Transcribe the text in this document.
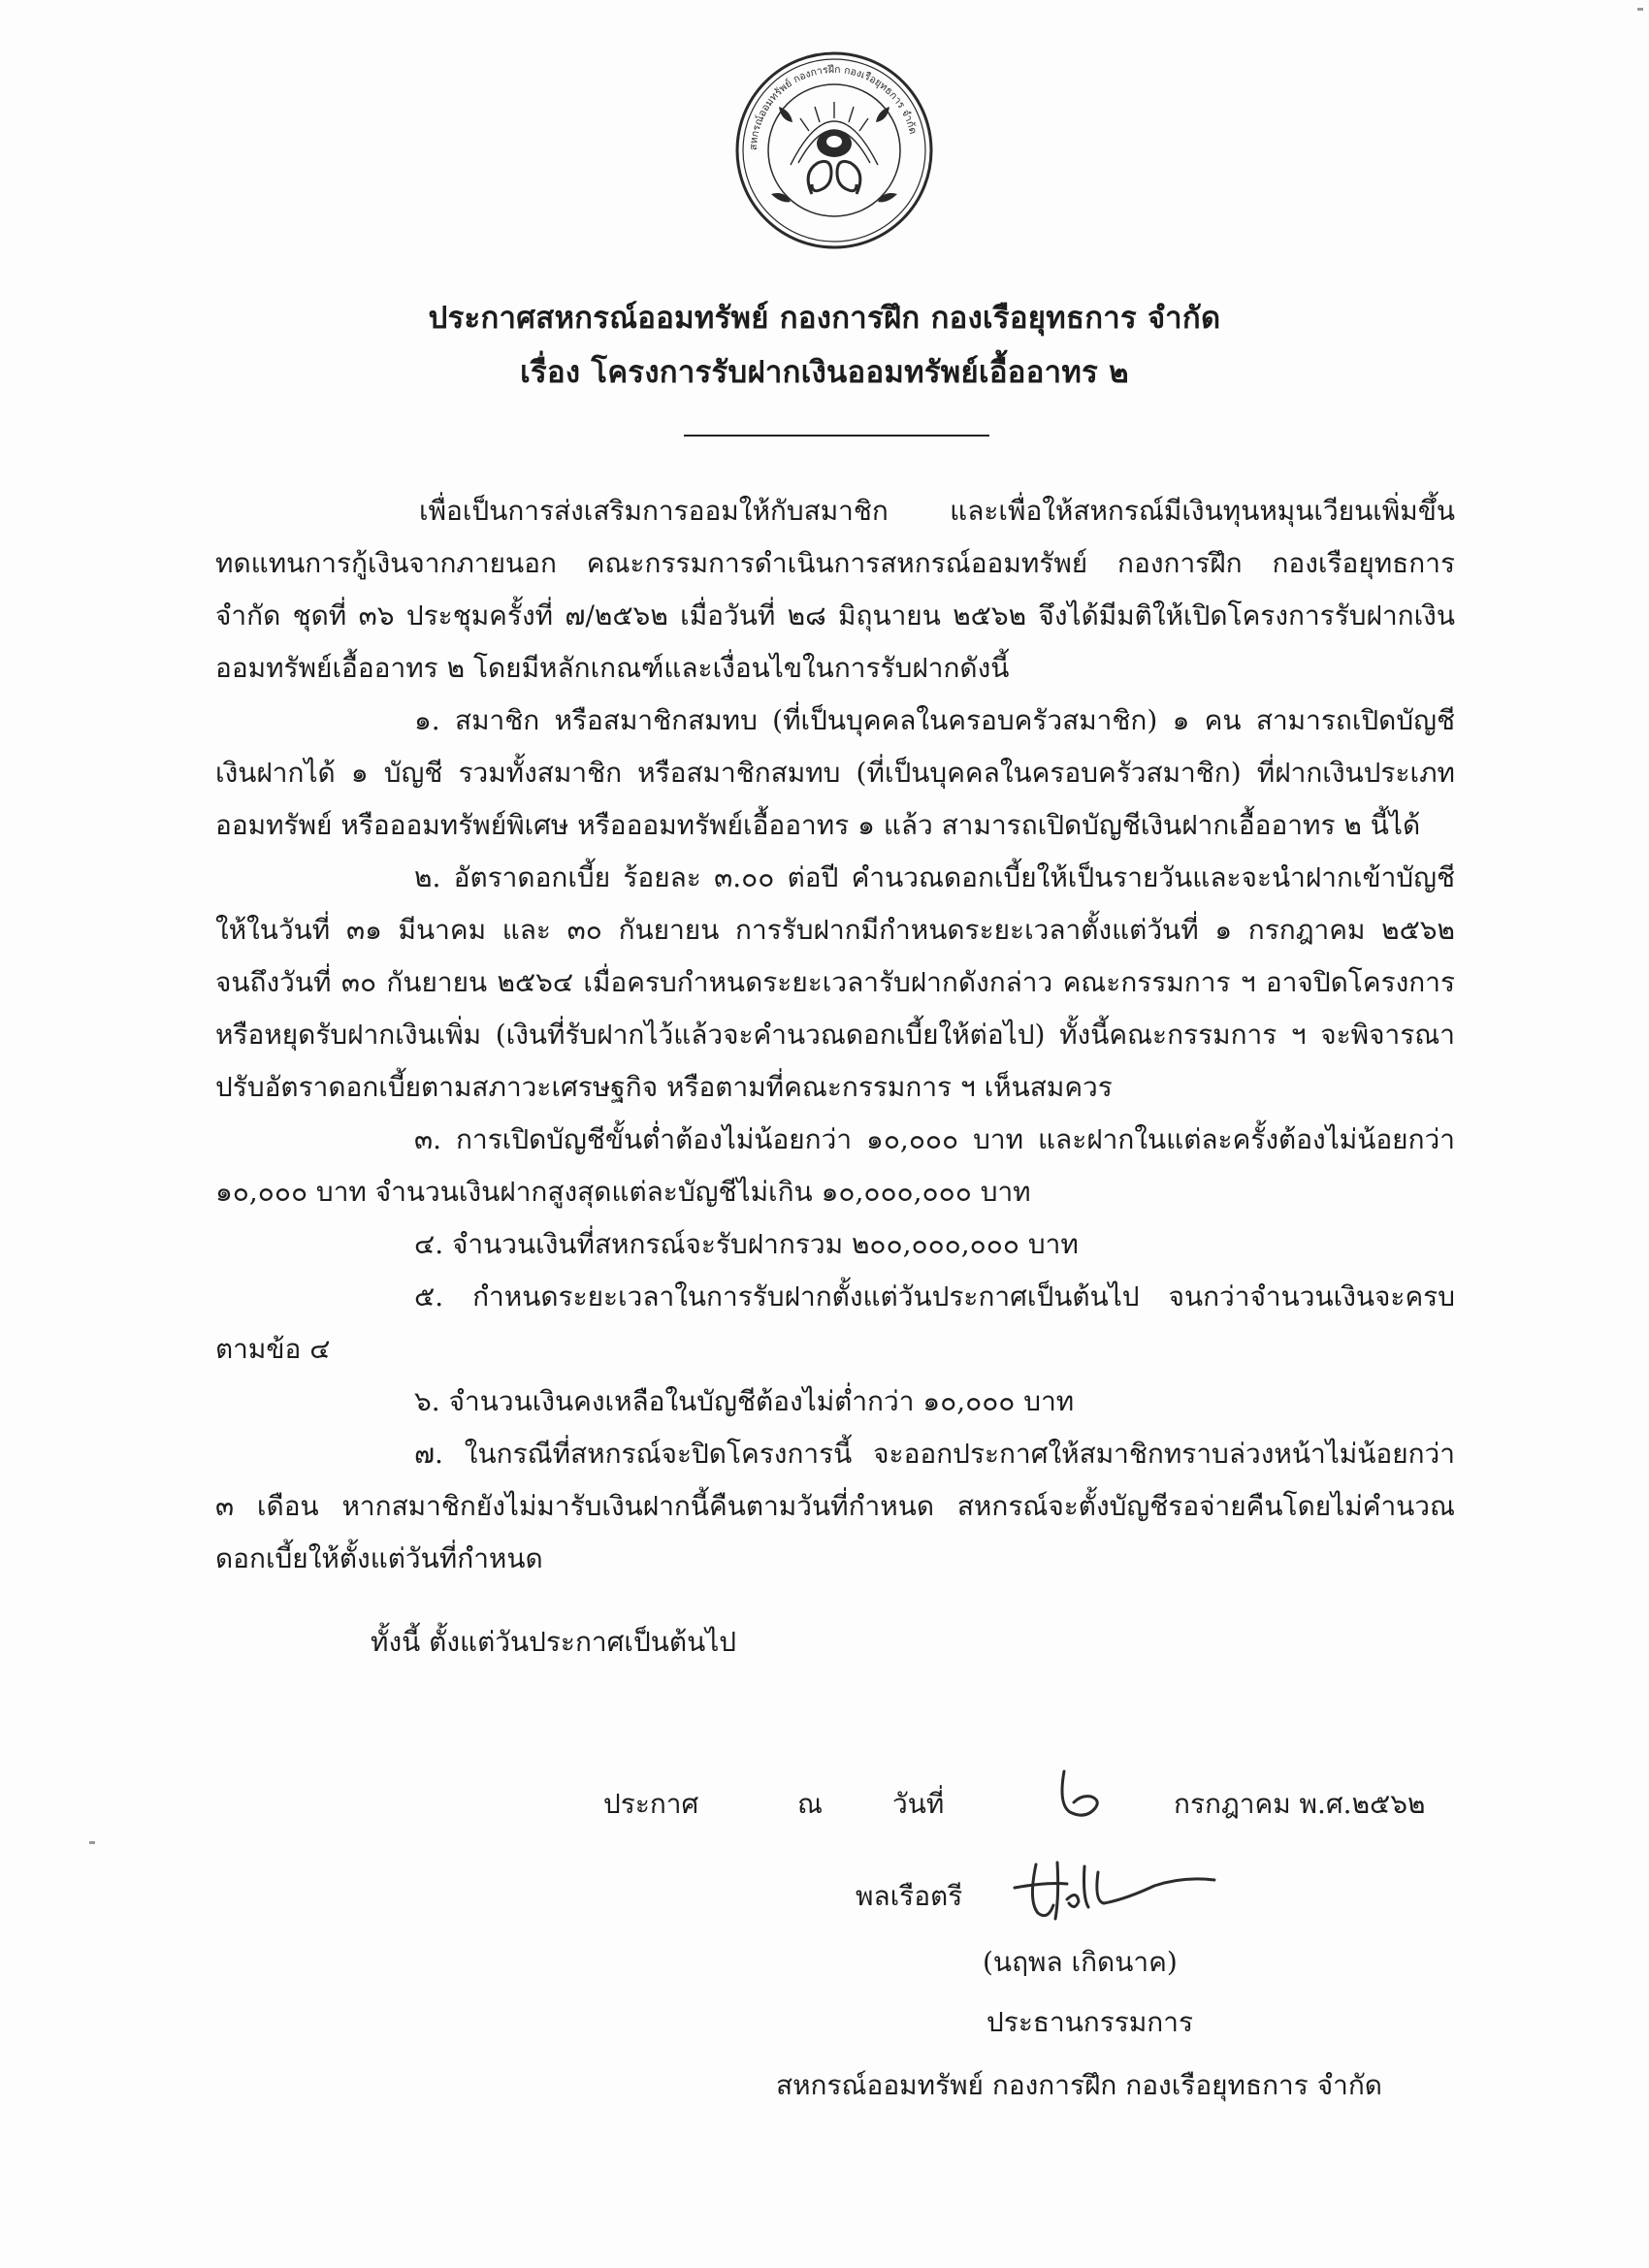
สหกรณ์ออมทรัพย์ กองการฝึก กองเรือยุทธการ จำกัด
ประกาศสหกรณ์ออมทรัพย์ กองการฝึก กองเรือยุทธการ จำกัด
เรื่อง โครงการรับฝากเงินออมทรัพย์เอื้ออาทร ๒

เพื่อเป็นการส่งเสริมการออมให้กับสมาชิก และเพื่อให้สหกรณ์มีเงินทุนหมุนเวียนเพิ่มขึ้น ทดแทนการกู้เงินจากภายนอก คณะกรรมการดำเนินการสหกรณ์ออมทรัพย์ กองการฝึก กองเรือยุทธการ จำกัด ชุดที่ ๓๖ ประชุมครั้งที่ ๗/๒๕๖๒ เมื่อวันที่ ๒๘ มิถุนายน ๒๕๖๒ จึงได้มีมติให้เปิดโครงการรับฝากเงิน ออมทรัพย์เอื้ออาทร ๒ โดยมีหลักเกณฑ์และเงื่อนไขในการรับฝากดังนี้

๑. สมาชิก หรือสมาชิกสมทบ (ที่เป็นบุคคลในครอบครัวสมาชิก) ๑ คน สามารถเปิดบัญชี เงินฝากได้ ๑ บัญชี รวมทั้งสมาชิก หรือสมาชิกสมทบ (ที่เป็นบุคคลในครอบครัวสมาชิก) ที่ฝากเงินประเภท ออมทรัพย์ หรือออมทรัพย์พิเศษ หรือออมทรัพย์เอื้ออาทร ๑ แล้ว สามารถเปิดบัญชีเงินฝากเอื้ออาทร ๒ นี้ได้

๒. อัตราดอกเบี้ย ร้อยละ ๓.๐๐ ต่อปี คำนวณดอกเบี้ยให้เป็นรายวันและจะนำฝากเข้าบัญชี ให้ในวันที่ ๓๑ มีนาคม และ ๓๐ กันยายน การรับฝากมีกำหนดระยะเวลาตั้งแต่วันที่ ๑ กรกฎาคม ๒๕๖๒ จนถึงวันที่ ๓๐ กันยายน ๒๕๖๔ เมื่อครบกำหนดระยะเวลารับฝากดังกล่าว คณะกรรมการ ฯ อาจปิดโครงการ หรือหยุดรับฝากเงินเพิ่ม (เงินที่รับฝากไว้แล้วจะคำนวณดอกเบี้ยให้ต่อไป) ทั้งนี้คณะกรรมการ ฯ จะพิจารณา ปรับอัตราดอกเบี้ยตามสภาวะเศรษฐกิจ หรือตามที่คณะกรรมการ ฯ เห็นสมควร

๓. การเปิดบัญชีขั้นต่ำต้องไม่น้อยกว่า ๑๐,๐๐๐ บาท และฝากในแต่ละครั้งต้องไม่น้อยกว่า ๑๐,๐๐๐ บาท จำนวนเงินฝากสูงสุดแต่ละบัญชีไม่เกิน ๑๐,๐๐๐,๐๐๐ บาท

๔. จำนวนเงินที่สหกรณ์จะรับฝากรวม ๒๐๐,๐๐๐,๐๐๐ บาท

๕. กำหนดระยะเวลาในการรับฝากตั้งแต่วันประกาศเป็นต้นไป จนกว่าจำนวนเงินจะครบ ตามข้อ ๔

๖. จำนวนเงินคงเหลือในบัญชีต้องไม่ต่ำกว่า ๑๐,๐๐๐ บาท

๗. ในกรณีที่สหกรณ์จะปิดโครงการนี้ จะออกประกาศให้สมาชิกทราบล่วงหน้าไม่น้อยกว่า ๓ เดือน หากสมาชิกยังไม่มารับเงินฝากนี้คืนตามวันที่กำหนด สหกรณ์จะตั้งบัญชีรอจ่ายคืนโดยไม่คำนวณ ดอกเบี้ยให้ตั้งแต่วันที่กำหนด

ทั้งนี้ ตั้งแต่วันประกาศเป็นต้นไป

ประกาศ	ณ	วันที่	กรกฎาคม พ.ศ.๒๕๖๒
พลเรือตรี
(นฤพล เกิดนาค)
ประธานกรรมการ
สหกรณ์ออมทรัพย์ กองการฝึก กองเรือยุทธการ จำกัด
